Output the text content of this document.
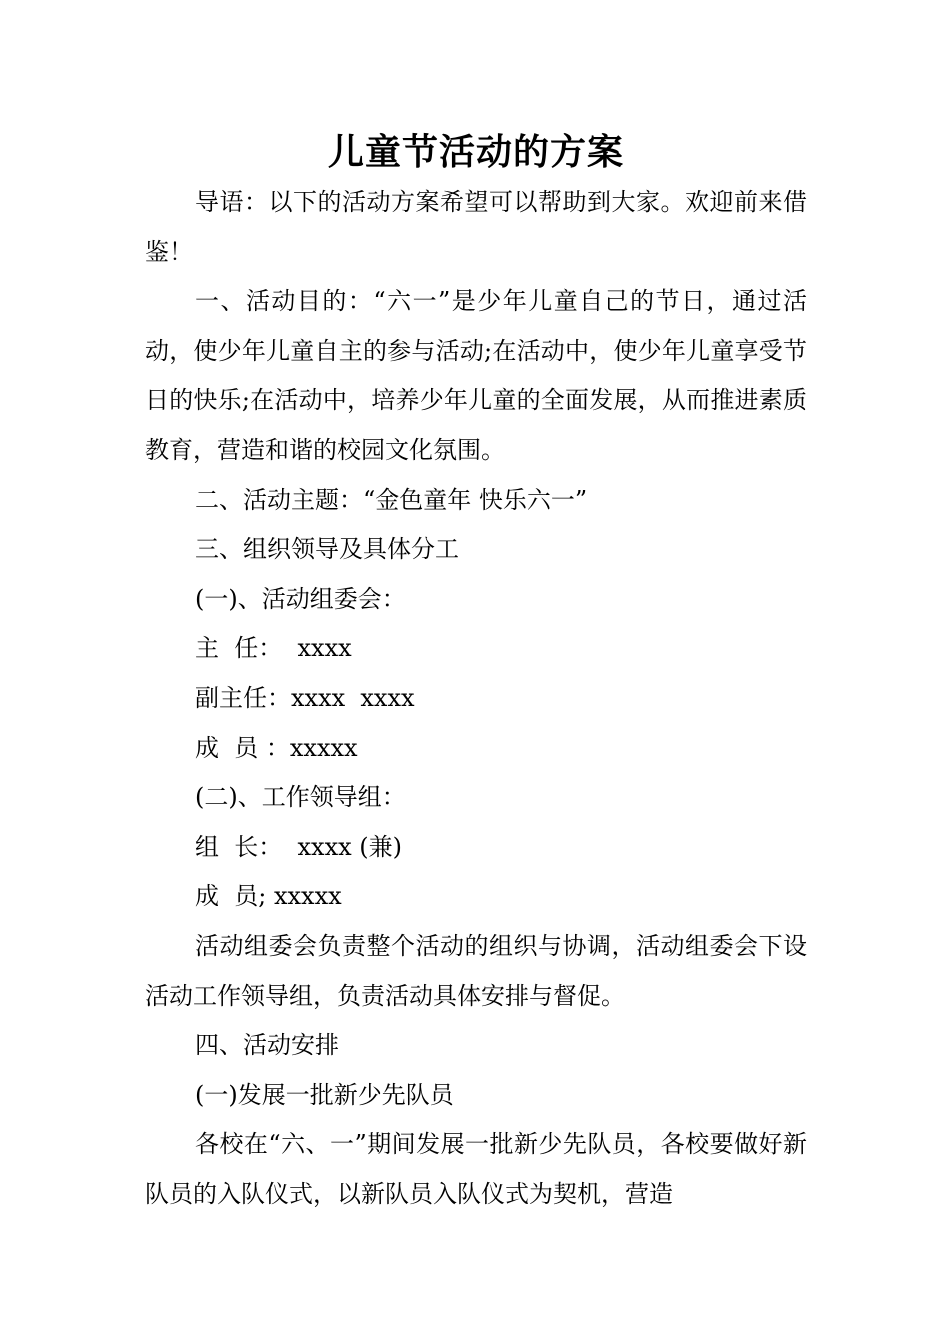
儿童节活动的方案

导语：以下的活动方案希望可以帮助到大家。欢迎前来借鉴！

一、活动目的：“六一”是少年儿童自己的节日，通过活动，使少年儿童自主的参与活动;在活动中，使少年儿童享受节日的快乐;在活动中，培养少年儿童的全面发展，从而推进素质教育，营造和谐的校园文化氛围。

二、活动主题：“金色童年 快乐六一”

三、组织领导及具体分工

(一)、活动组委会：

主  任：  xxxx

副主任：xxxx  xxxx

成  员 ：xxxxx

(二)、工作领导组：

组  长：  xxxx (兼)

成  员; xxxxx

活动组委会负责整个活动的组织与协调，活动组委会下设活动工作领导组，负责活动具体安排与督促。

四、活动安排

(一)发展一批新少先队员

各校在“六、一”期间发展一批新少先队员，各校要做好新队员的入队仪式，以新队员入队仪式为契机，营造
